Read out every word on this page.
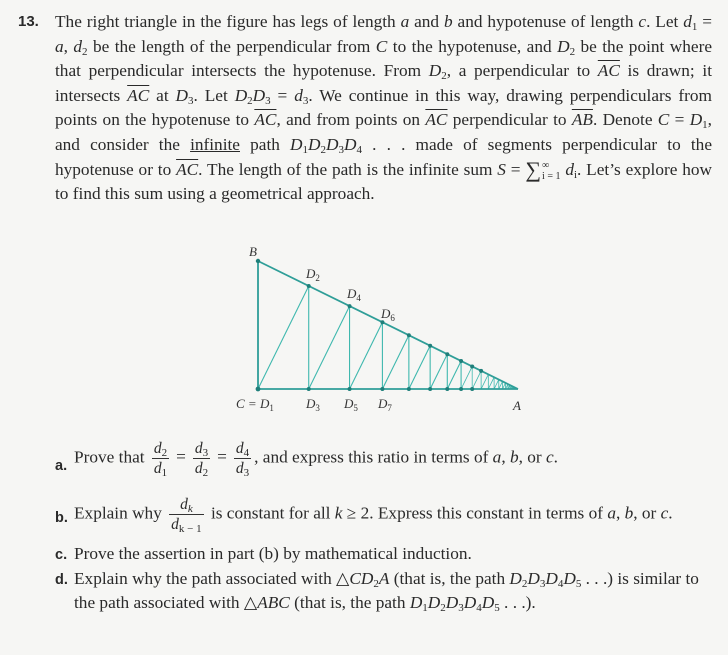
13. The right triangle in the figure has legs of length a and b and hypotenuse of length c. Let $d_1 = a$, $d_2$ be the length of the perpendicular from C to the hypotenuse, and $D_2$ be the point where that perpendicular intersects the hypotenuse. From $D_2$, a perpendicular to $\overline{AC}$ is drawn; it intersects $\overline{AC}$ at $D_3$. Let $D_2D_3 = d_3$. We continue in this way, drawing perpendiculars from points on the hypotenuse to $\overline{AC}$, and from points on $\overline{AC}$ perpendicular to $\overline{AB}$. Denote $C = D_1$, and consider the infinite path $D_1D_2D_3D_4$ . . . made of segments perpendicular to the hypotenuse or to $\overline{AC}$. The length of the path is the infinite sum S = ∑ ∞
i = 1 $d_i$. Let’s explore how to find this sum using a geometrical approach.
B
$D_2$
$D_4$
$D_6$
$C = D_1$ $D_3$ $D_5$ $D_7$	A
a. Prove that $\frac{d_2}{d_1} = \frac{d_3}{d_2} = \frac{d_4}{d_3}$ , and express this ratio in terms of a, b, or c.
b. Explain why $\frac{d_k}{d_{k - 1}}$ is constant for all k ≥ 2. Express this constant in terms of a, b, or c.
c. Prove the assertion in part (b) by mathematical induction.
d. Explain why the path associated with $\triangle CD_2A$ (that is, the path $D_2D_3D_4D_5$ . . .) is similar to the path associated with △ABC (that is, the path $D_1D_2D_3D_4D_5$ . . .).
